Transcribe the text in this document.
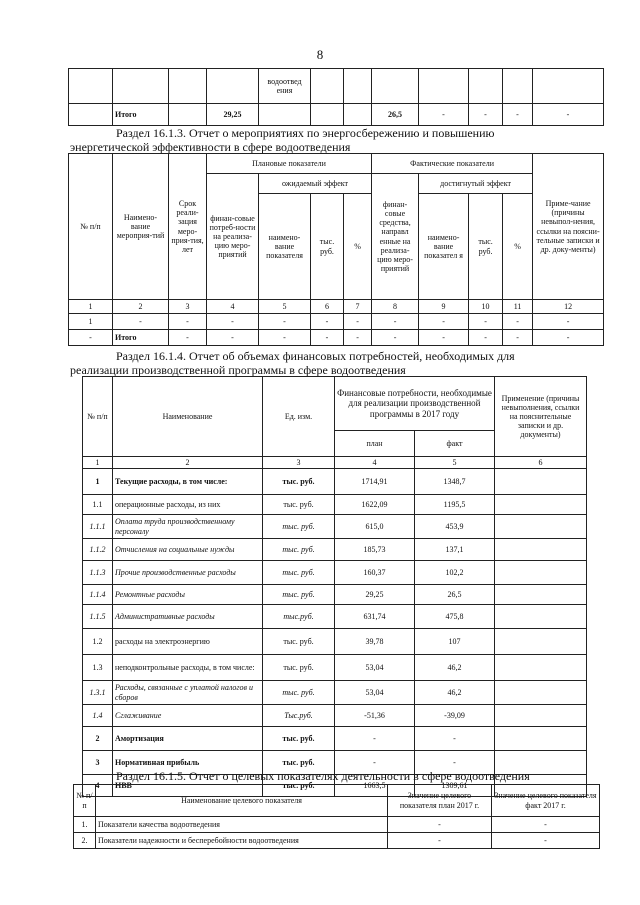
8
				водоотвед ения							
	Итого		29,25				26,5	-	-	-	-
Раздел 16.1.3. Отчет о мероприятиях по энергосбережению и повышению
энергетической эффективности в сфере водоотведения
№ п/п	Наимено-вание мероприя-тий	Срок реали-зация меро-прия-тия, лет	Плановые показатели				Фактические показатели				Приме-чание (причины невыпол-нения, ссылки на поясни-тельные записки и др. доку-менты)
			финан-совые потреб-ности на реализа-цию меро-приятий	ожидаемый эффект			финан-совые средства, направл енные на реализа-цию меро-приятий	достигнутый эффект			
				наимено-вание показателя	тыс. руб.	%		наимено-вание показател я	тыс. руб.	%	
1	2	3	4	5	6	7	8	9	10	11	12
1	-	-	-	-	-	-	-	-	-	-	-
-	Итого	-	-	-	-	-	-	-	-	-	-
Раздел 16.1.4. Отчет об объемах финансовых потребностей, необходимых для
реализации производственной программы в сфере водоотведения
№ п/п	Наименование	Ед. изм.	Финансовые потребности, необходимые для реализации производственной программы в 2017 году		Применение (причины невыполнения, ссылки на пояснительные записки и др. документы)
			план	факт	
1	2	3	4	5	6
1	Текущие расходы, в том числе:	тыс. руб.	1714,91	1348,7	
1.1	операционные расходы, из них	тыс. руб.	1622,09	1195,5	
1.1.1	Оплата труда производственному персоналу	тыс. руб.	615,0	453,9	
1.1.2	Отчисления на социальные нужды	тыс. руб.	185,73	137,1	
1.1.3	Прочие производственные расходы	тыс. руб.	160,37	102,2	
1.1.4	Ремонтные расходы	тыс. руб.	29,25	26,5	
1.1.5	Административные расходы	тыс.руб.	631,74	475,8	
1.2	расходы на электроэнергию	тыс. руб.	39,78	107	
1.3	неподконтрольные расходы, в том числе:	тыс. руб.	53,04	46,2	
1.3.1	Расходы, связанные с уплатой налогов и сборов	тыс. руб.	53,04	46,2	
1.4	Сглаживание	Тыс.руб.	-51,36	-39,09	
2	Амортизация	тыс. руб.	-	-	
3	Нормативная прибыль	тыс. руб.	-	-	
4	НВВ	тыс. руб.	1663,5	1309,61	
Раздел 16.1.5. Отчет о целевых показателях деятельности в сфере водоотведения
№ п/п	Наименование целевого показателя	Значение целевого показателя план 2017 г.	Значение целевого показателя факт 2017 г.
1.	Показатели качества водоотведения	-	-
2.	Показатели надежности и бесперебойности водоотведения	-	-
